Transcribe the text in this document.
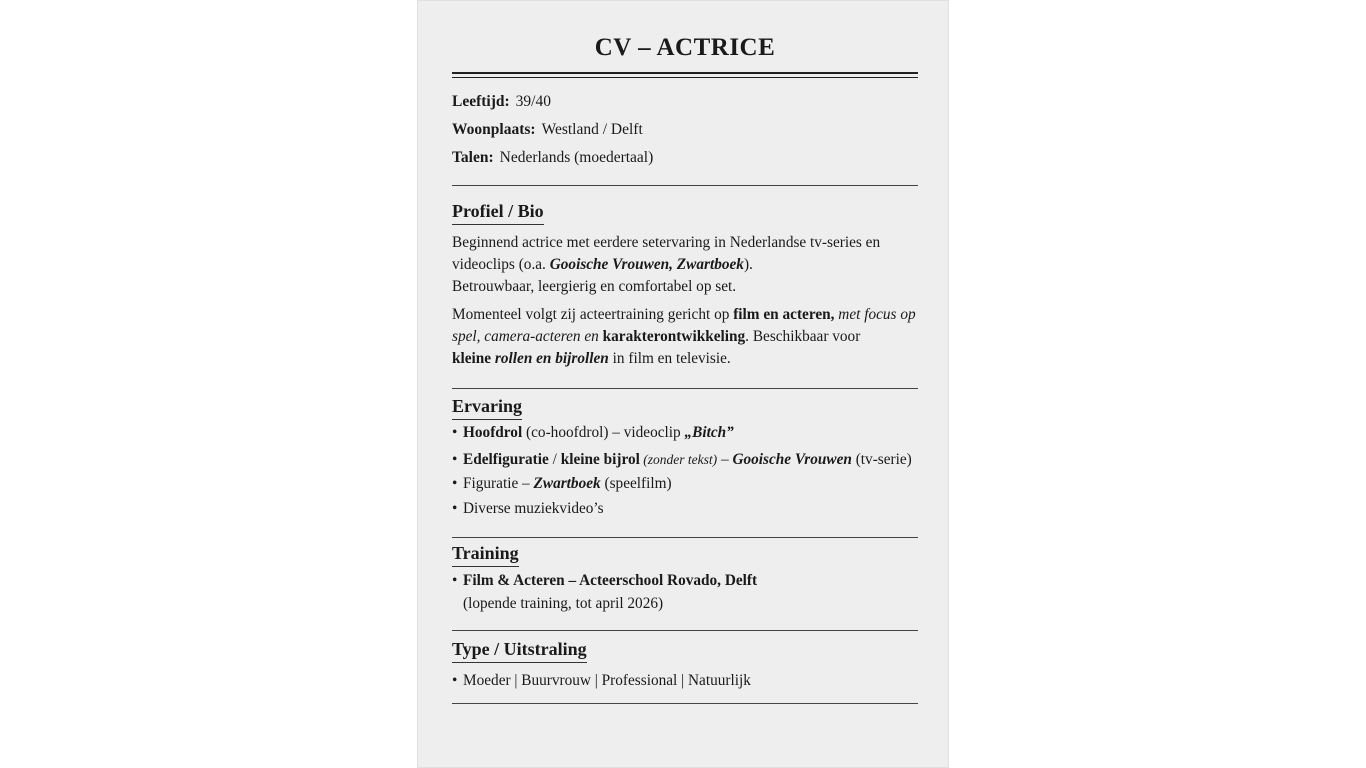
CV – ACTRICE
Leeftijd: 39/40
Woonplaats: Westland / Delft
Talen: Nederlands (moedertaal)
Profiel / Bio
Beginnend actrice met eerdere setervaring in Nederlandse tv-series en videoclips (o.a. Gooische Vrouwen, Zwartboek).
Betrouwbaar, leergierig en comfortabel op set.
Momenteel volgt zij acteertraining gericht op film en acteren, met focus op spel, camera-acteren en karakterontwikkeling. Beschikbaar voor
kleine rollen en bijrollen in film en televisie.
Ervaring
• Hoofdrol (co-hoofdrol) – videoclip „Bitch”
• Edelfiguratie / kleine bijrol (zonder tekst) – Gooische Vrouwen (tv-serie)
• Figuratie – Zwartboek (speelfilm)
• Diverse muziekvideo’s
Training
• Film & Acteren – Acteerschool Rovado, Delft
(lopende training, tot april 2026)
Type / Uitstraling
• Moeder | Buurvrouw | Professional | Natuurlijk
